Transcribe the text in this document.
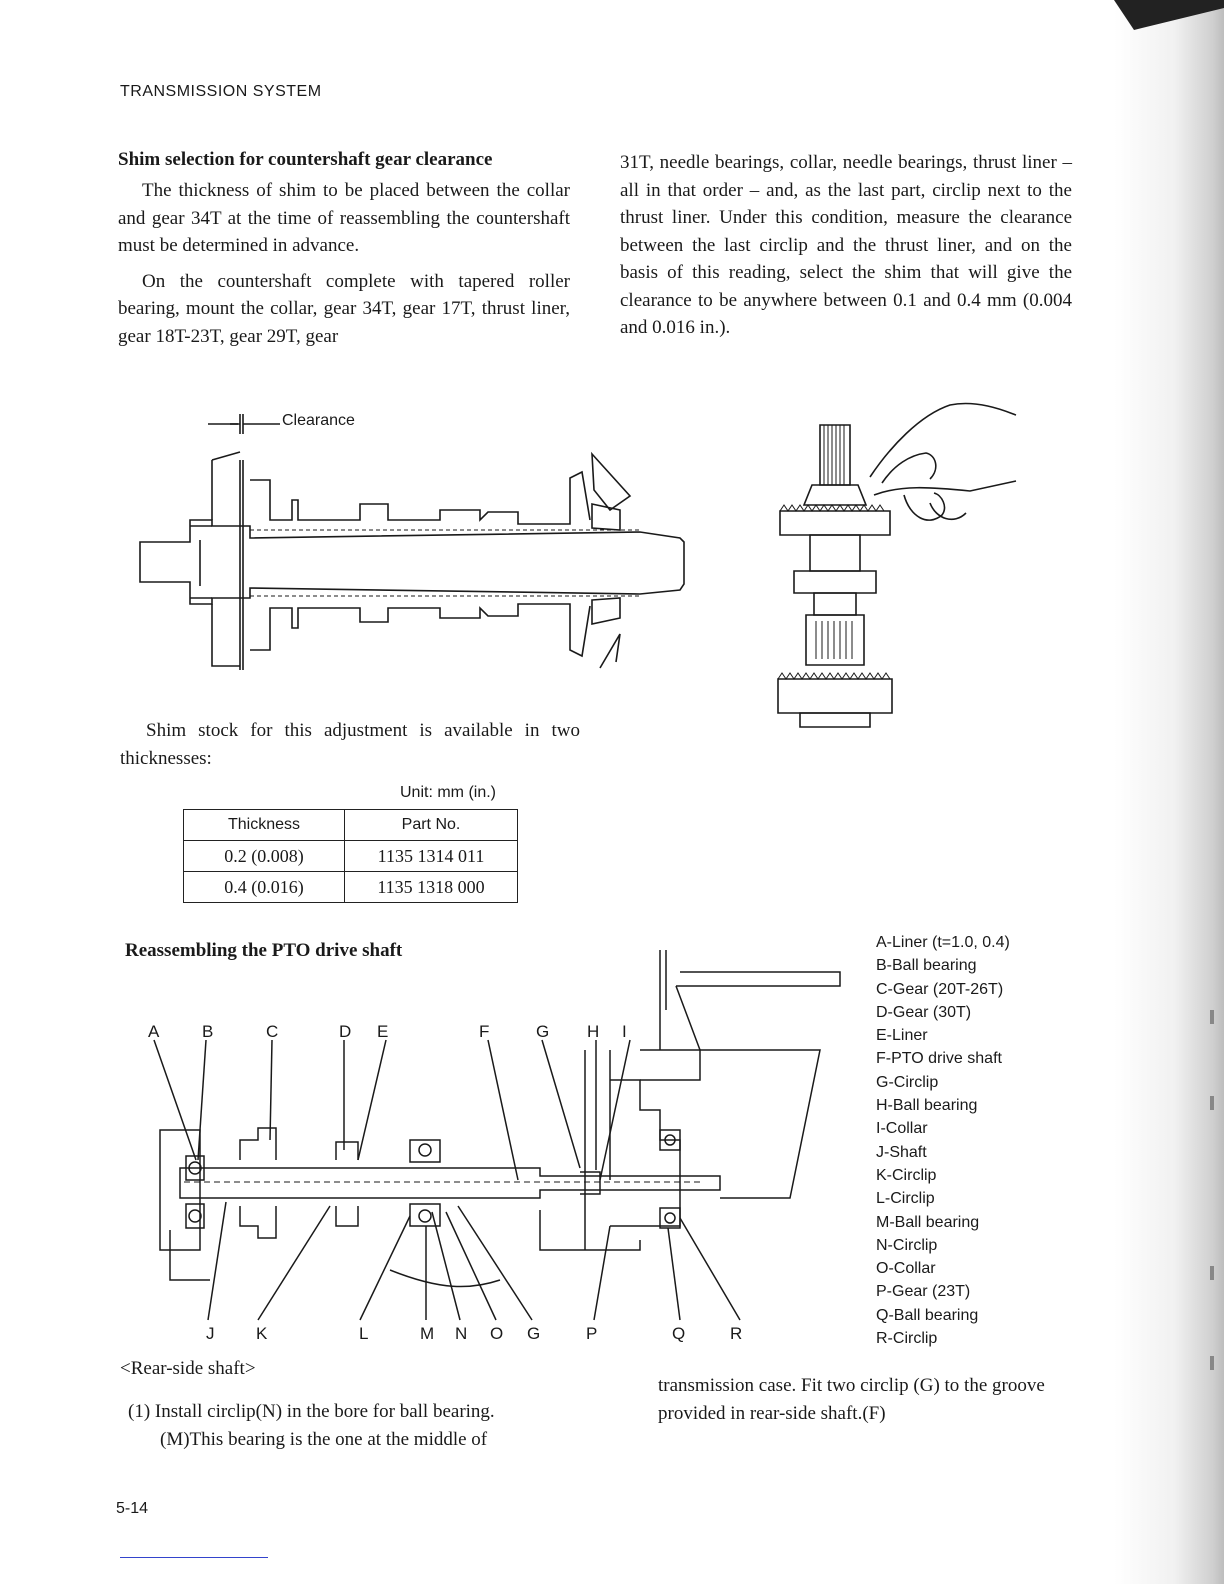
TRANSMISSION SYSTEM
Shim selection for countershaft gear clearance

The thickness of shim to be placed between the collar and gear 34T at the time of reassembling the countershaft must be determined in advance.

On the countershaft complete with tapered roller bearing, mount the collar, gear 34T, gear 17T, thrust liner, gear 18T-23T, gear 29T, gear

31T, needle bearings, collar, needle bearings, thrust liner – all in that order – and, as the last part, circlip next to the thrust liner. Under this condition, measure the clearance between the last circlip and the thrust liner, and on the basis of this reading, select the shim that will give the clearance to be anywhere between 0.1 and 0.4 mm (0.004 and 0.016 in.).

Clearance

Shim stock for this adjustment is available in two thicknesses:

Unit: mm (in.)
Thickness	Part No.
0.2 (0.008)	1135 1314 011
0.4 (0.016)	1135 1318 000
Reassembling the PTO drive shaft
A	B	C	D E	F	G H I
J K	L	M N O G	P	Q	R
A-Liner (t=1.0, 0.4)
B-Ball bearing
C-Gear (20T-26T)
D-Gear (30T)
E-Liner
F-PTO drive shaft
G-Circlip
H-Ball bearing
I-Collar
J-Shaft
K-Circlip
L-Circlip
M-Ball bearing
N-Circlip
O-Collar
P-Gear (23T)
Q-Ball bearing
R-Circlip
<Rear-side shaft>
(1) Install circlip(N) in the bore for ball bearing.
(M)This bearing is the one at the middle of
transmission case. Fit two circlip (G) to the groove provided in rear-side shaft.(F)
5-14
